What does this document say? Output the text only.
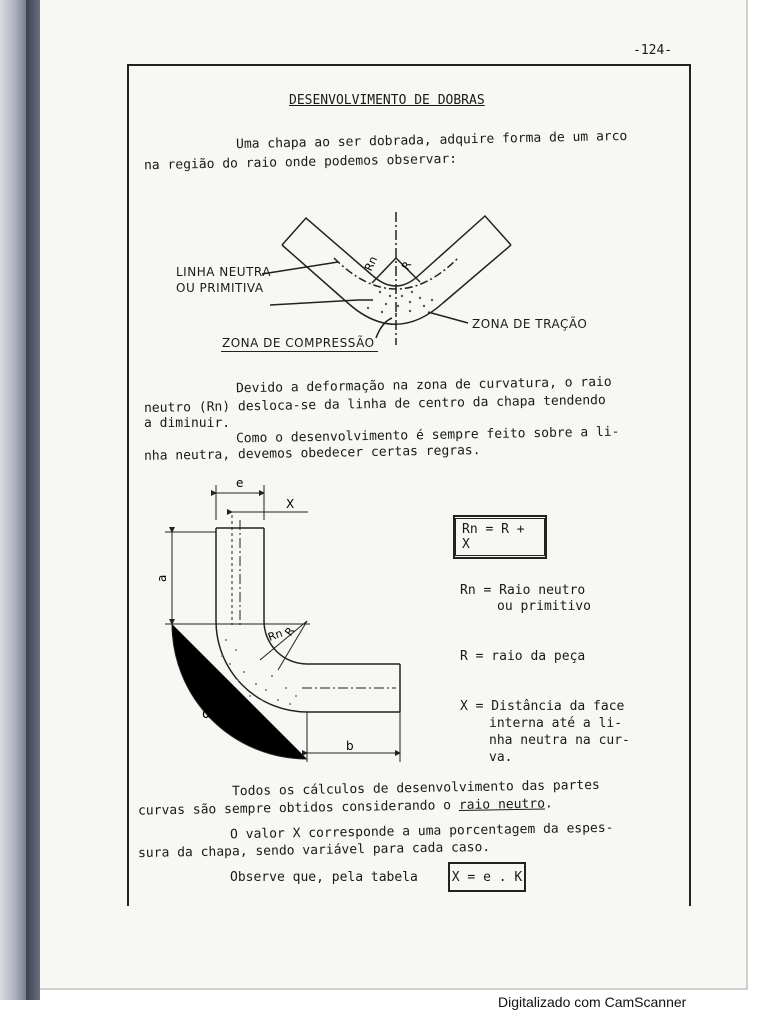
-124-
DESENVOLVIMENTO DE DOBRAS
Uma chapa ao ser dobrada, adquire forma de um arco
na região do raio onde podemos observar:
Rn R
LINHA NEUTRA
OU PRIMITIVA
ZONA DE COMPRESSÃO
ZONA DE TRAÇÃO
Devido a deformação na zona de curvatura, o raio
neutro (Rn) desloca-se da linha de centro da chapa tendendo
a diminuir.
Como o desenvolvimento é sempre feito sobre a li-
nha neutra, devemos obedecer certas regras.
e
X
a
Rn
R
α
b
Rn = R + X
Rn = Raio neutro
ou primitivo
R = raio da peça
X = Distância da face
interna até a li-
nha neutra na cur-
va.
Todos os cálculos de desenvolvimento das partes
curvas são sempre obtidos considerando o raio neutro.
O valor X corresponde a uma porcentagem da espes-
sura da chapa, sendo variável para cada caso.
Observe que, pela tabela	X = e . K
Digitalizado com CamScanner
